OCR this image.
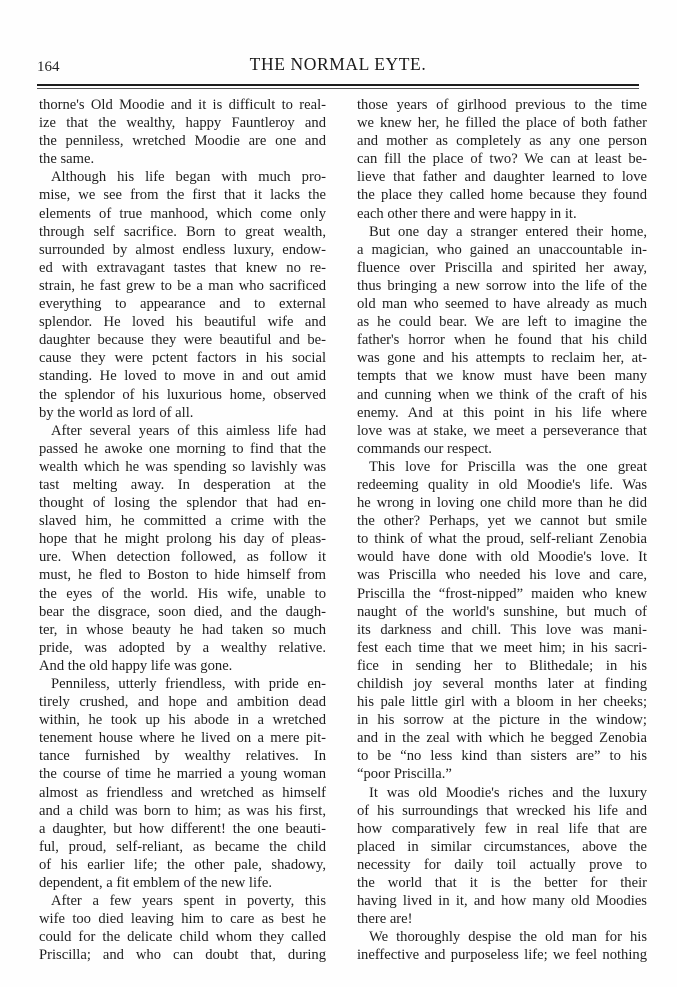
164	THE NORMAL EYTE.
thorne's Old Moodie and it is difficult to real-
ize that the wealthy, happy Fauntleroy and
the penniless, wretched Moodie are one and
the same.
Although his life began with much pro-
mise, we see from the first that it lacks the
elements of true manhood, which come only
through self sacrifice. Born to great wealth,
surrounded by almost endless luxury, endow-
ed with extravagant tastes that knew no re-
strain, he fast grew to be a man who sacrificed
everything to appearance and to external
splendor. He loved his beautiful wife and
daughter because they were beautiful and be-
cause they were pctent factors in his social
standing. He loved to move in and out amid
the splendor of his luxurious home, observed
by the world as lord of all.
After several years of this aimless life had
passed he awoke one morning to find that the
wealth which he was spending so lavishly was
tast melting away. In desperation at the
thought of losing the splendor that had en-
slaved him, he committed a crime with the
hope that he might prolong his day of pleas-
ure. When detection followed, as follow it
must, he fled to Boston to hide himself from
the eyes of the world. His wife, unable to
bear the disgrace, soon died, and the daugh-
ter, in whose beauty he had taken so much
pride, was adopted by a wealthy relative.
And the old happy life was gone.
Penniless, utterly friendless, with pride en-
tirely crushed, and hope and ambition dead
within, he took up his abode in a wretched
tenement house where he lived on a mere pit-
tance furnished by wealthy relatives. In
the course of time he married a young woman
almost as friendless and wretched as himself
and a child was born to him; as was his first,
a daughter, but how different! the one beauti-
ful, proud, self-reliant, as became the child
of his earlier life; the other pale, shadowy,
dependent, a fit emblem of the new life.
After a few years spent in poverty, this
wife too died leaving him to care as best he
could for the delicate child whom they called
Priscilla; and who can doubt that, during
those years of girlhood previous to the time
we knew her, he filled the place of both father
and mother as completely as any one person
can fill the place of two? We can at least be-
lieve that father and daughter learned to love
the place they called home because they found
each other there and were happy in it.
But one day a stranger entered their home,
a magician, who gained an unaccountable in-
fluence over Priscilla and spirited her away,
thus bringing a new sorrow into the life of the
old man who seemed to have already as much
as he could bear. We are left to imagine the
father's horror when he found that his child
was gone and his attempts to reclaim her, at-
tempts that we know must have been many
and cunning when we think of the craft of his
enemy. And at this point in his life where
love was at stake, we meet a perseverance that
commands our respect.
This love for Priscilla was the one great
redeeming quality in old Moodie's life. Was
he wrong in loving one child more than he did
the other? Perhaps, yet we cannot but smile
to think of what the proud, self-reliant Zenobia
would have done with old Moodie's love. It
was Priscilla who needed his love and care,
Priscilla the “frost-nipped” maiden who knew
naught of the world's sunshine, but much of
its darkness and chill. This love was mani-
fest each time that we meet him; in his sacri-
fice in sending her to Blithedale; in his
childish joy several months later at finding
his pale little girl with a bloom in her cheeks;
in his sorrow at the picture in the window;
and in the zeal with which he begged Zenobia
to be “no less kind than sisters are” to his
“poor Priscilla.”
It was old Moodie's riches and the luxury
of his surroundings that wrecked his life and
how comparatively few in real life that are
placed in similar circumstances, above the
necessity for daily toil actually prove to
the world that it is the better for their
having lived in it, and how many old Moodies
there are!
We thoroughly despise the old man for his
ineffective and purposeless life; we feel nothing
